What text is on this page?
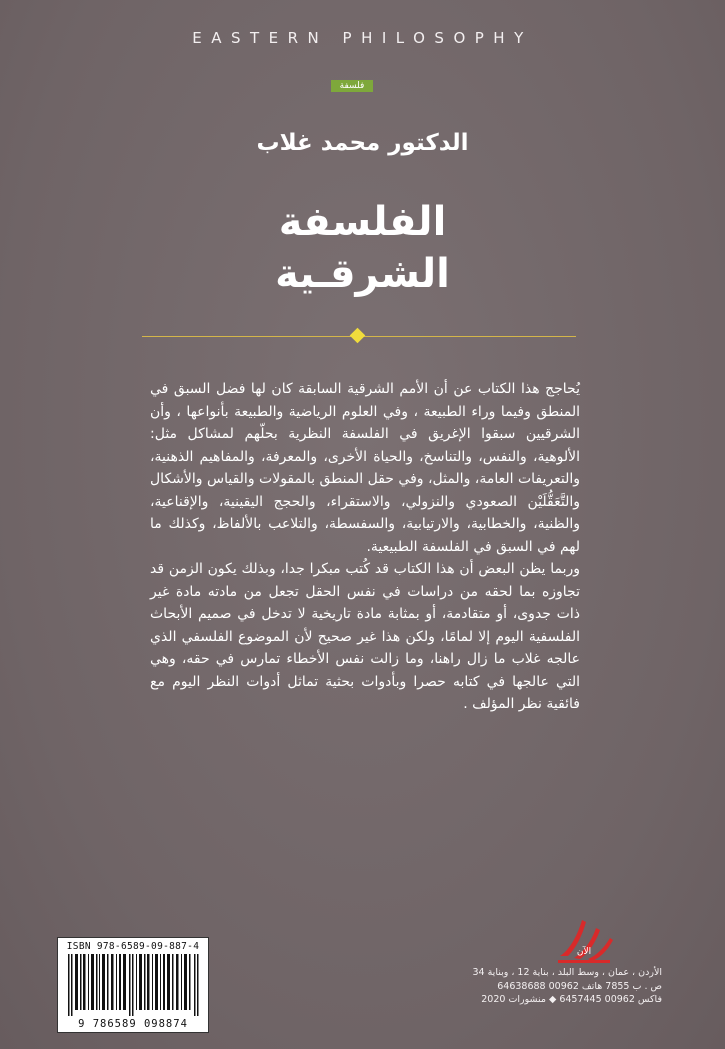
EASTERN PHILOSOPHY
فلسفة
الدكتور محمد غلاب
الفلسفة
الشرقـية

يُحاجج هذا الكتاب عن أن الأمم الشرقية السابقة كان لها فضل السبق في المنطق وفيما وراء الطبيعة ، وفي العلوم الرياضية والطبيعة بأنواعها ، وأن الشرقيين سبقوا الإغريق في الفلسفة النظرية بحلّهم لمشاكل مثل: الألوهية، والنفس، والتناسخ، والحياة الأخرى، والمعرفة، والمفاهيم الذهنية، والتعريفات العامة، والمثل، وفي حقل المنطق بالمقولات والقياس والأشكال والتَّعَقُّلَيْن الصعودي والنزولي، والاستقراء، والحجج اليقينية، والإقناعية، والظنية، والخطابية، والارتيابية، والسفسطة، والتلاعب بالألفاظ، وكذلك ما لهم في السبق في الفلسفة الطبيعية.

وربما يظن البعض أن هذا الكتاب قد كُتب مبكرا جدا، وبذلك يكون الزمن قد تجاوزه بما لحقه من دراسات في نفس الحقل تجعل من مادته مادة غير ذات جدوى، أو متقادمة، أو بمثابة مادة تاريخية لا تدخل في صميم الأبحاث الفلسفية اليوم إلا لمامًا، ولكن هذا غير صحيح لأن الموضوع الفلسفي الذي عالجه غلاب ما زال راهنا، وما زالت نفس الأخطاء تمارس في حقه، وهي التي عالجها في كتابه حصرا وبأدوات بحثية تماثل أدوات النظر اليوم مع فائقية نظر المؤلف .

ISBN 978-6589-09-887-4
9 786589 098874
الآن
الأردن ، عمان ، وسط البلد ، بناية 12 ، وبناية 34
ص . ب 7855 هاتف 00962 64638688
فاكس 00962 6457445 ◆ منشورات 2020
